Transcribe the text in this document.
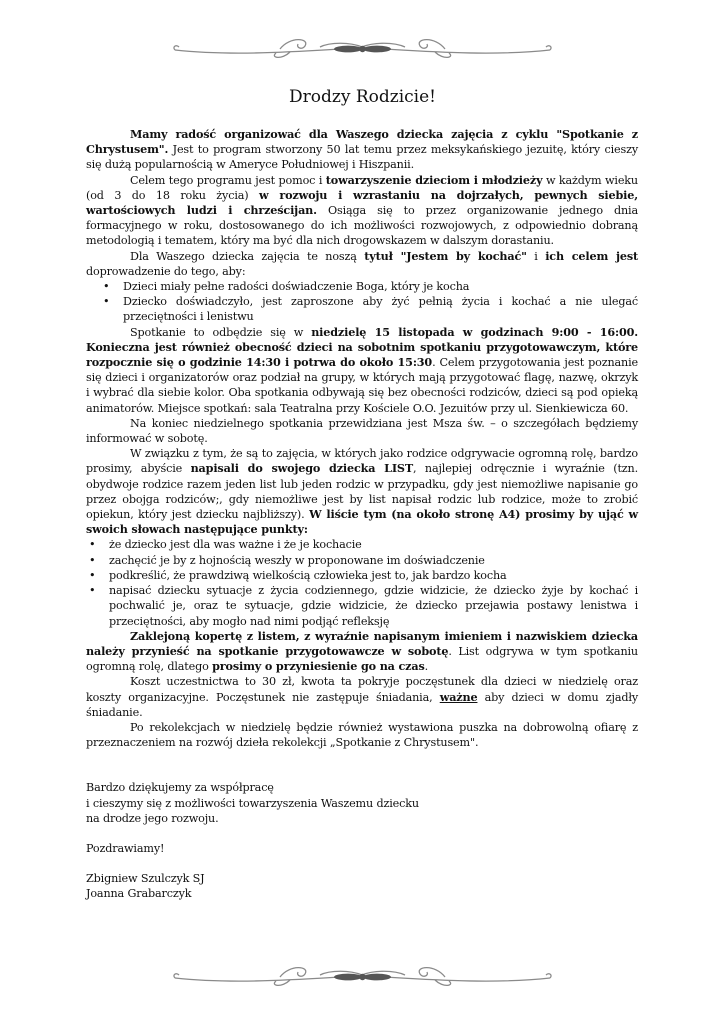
Drodzy Rodzicie!

Mamy radość organizować dla Waszego dziecka zajęcia z cyklu "Spotkanie z Chrystusem". Jest to program stworzony 50 lat temu przez meksykańskiego jezuitę, który cieszy się dużą popularnością w Ameryce Południowej i Hiszpanii.

Celem tego programu jest pomoc i towarzyszenie dzieciom i młodzieży w każdym wieku (od 3 do 18 roku życia) w rozwoju i wzrastaniu na dojrzałych, pewnych siebie, wartościowych ludzi i chrześcijan. Osiąga się to przez organizowanie jednego dnia formacyjnego w roku, dostosowanego do ich możliwości rozwojowych, z odpowiednio dobraną metodologią i tematem, który ma być dla nich drogowskazem w dalszym dorastaniu.

Dla Waszego dziecka zajęcia te noszą tytuł "Jestem by kochać" i ich celem jest doprowadzenie do tego, aby:

• Dzieci miały pełne radości doświadczenie Boga, który je kocha
• Dziecko doświadczyło, jest zaproszone aby żyć pełnią życia i kochać a nie ulegać przeciętności i lenistwu

Spotkanie to odbędzie się w niedzielę 15 listopada w godzinach 9:00 - 16:00. Konieczna jest również obecność dzieci na sobotnim spotkaniu przygotowawczym, które rozpocznie się o godzinie 14:30 i potrwa do około 15:30. Celem przygotowania jest poznanie się dzieci i organizatorów oraz podział na grupy, w których mają przygotować flagę, nazwę, okrzyk i wybrać dla siebie kolor. Oba spotkania odbywają się bez obecności rodziców, dzieci są pod opieką animatorów. Miejsce spotkań: sala Teatralna przy Kościele O.O. Jezuitów przy ul. Sienkiewicza 60.

Na koniec niedzielnego spotkania przewidziana jest Msza św. – o szczegółach będziemy informować w sobotę.

W związku z tym, że są to zajęcia, w których jako rodzice odgrywacie ogromną rolę, bardzo prosimy, abyście napisali do swojego dziecka LIST, najlepiej odręcznie i wyraźnie (tzn. obydwoje rodzice razem jeden list lub jeden rodzic w przypadku, gdy jest niemożliwe napisanie go przez obojga rodziców;, gdy niemożliwe jest by list napisał rodzic lub rodzice, może to zrobić opiekun, który jest dziecku najbliższy). W liście tym (na około stronę A4) prosimy by ująć w swoich słowach następujące punkty:

• że dziecko jest dla was ważne i że je kochacie
• zachęcić je by z hojnością weszły w proponowane im doświadczenie
• podkreślić, że prawdziwą wielkością człowieka jest to, jak bardzo kocha
• napisać dziecku sytuacje z życia codziennego, gdzie widzicie, że dziecko żyje by kochać i pochwalić je, oraz te sytuacje, gdzie widzicie, że dziecko przejawia postawy lenistwa i przeciętności, aby mogło nad nimi podjąć refleksję

Zaklejoną kopertę z listem, z wyraźnie napisanym imieniem i nazwiskiem dziecka należy przynieść na spotkanie przygotowawcze w sobotę. List odgrywa w tym spotkaniu ogromną rolę, dlatego prosimy o przyniesienie go na czas.

Koszt uczestnictwa to 30 zł, kwota ta pokryje poczęstunek dla dzieci w niedzielę oraz koszty organizacyjne. Poczęstunek nie zastępuje śniadania, ważne aby dzieci w domu zjadły śniadanie.

Po rekolekcjach w niedzielę będzie również wystawiona puszka na dobrowolną ofiarę z przeznaczeniem na rozwój dzieła rekolekcji „Spotkanie z Chrystusem".

Bardzo dziękujemy za współpracę

i cieszymy się z możliwości towarzyszenia Waszemu dziecku

na drodze jego rozwoju.

Pozdrawiamy!

Zbigniew Szulczyk SJ

Joanna Grabarczyk
